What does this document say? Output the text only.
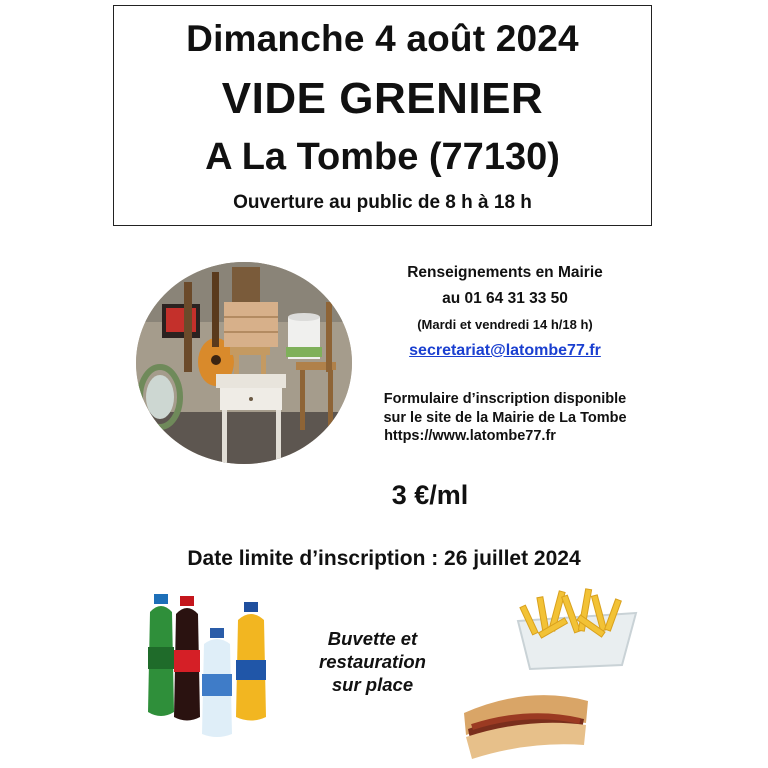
Dimanche 4 août 2024
VIDE GRENIER
A La Tombe (77130)
Ouverture au public de 8 h à 18 h
Renseignements en Mairie
au 01 64 31 33 50
(Mardi et vendredi 14 h/18 h)
secretariat@latombe77.fr
Formulaire d’inscription disponible
sur le site de la Mairie de La Tombe
https://www.latombe77.fr
3 €/ml
Date limite d’inscription : 26 juillet 2024
Buvette et
restauration
sur place
